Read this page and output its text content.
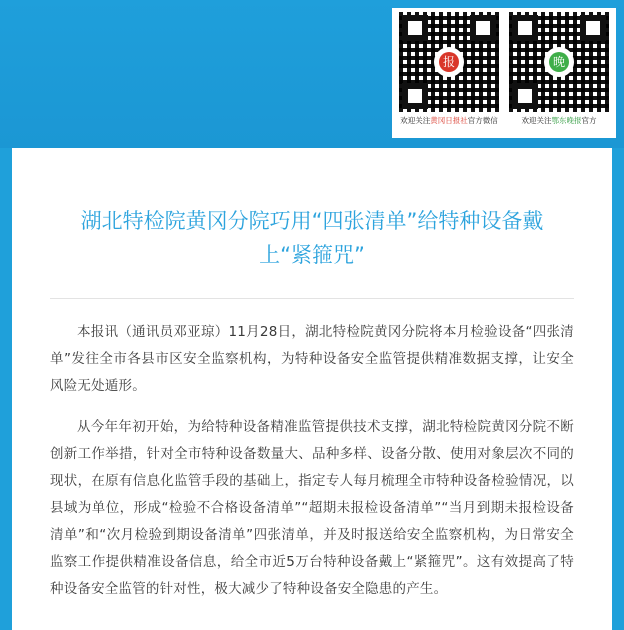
报
欢迎关注黄冈日报社官方微信
晚
欢迎关注鄂东晚报官方
湖北特检院黄冈分院巧用“四张清单”给特种设备戴上“紧箍咒”

本报讯（通讯员邓亚琼）11月28日，湖北特检院黄冈分院将本月检验设备“四张清单”发往全市各县市区安全监察机构，为特种设备安全监管提供精准数据支撑，让安全风险无处遁形。

从今年年初开始，为给特种设备精准监管提供技术支撑，湖北特检院黄冈分院不断创新工作举措，针对全市特种设备数量大、品种多样、设备分散、使用对象层次不同的现状，在原有信息化监管手段的基础上，指定专人每月梳理全市特种设备检验情况，以县域为单位，形成“检验不合格设备清单”“超期未报检设备清单”“当月到期未报检设备清单”和“次月检验到期设备清单”四张清单，并及时报送给安全监察机构，为日常安全监察工作提供精准设备信息，给全市近5万台特种设备戴上“紧箍咒”。这有效提高了特种设备安全监管的针对性，极大减少了特种设备安全隐患的产生。
